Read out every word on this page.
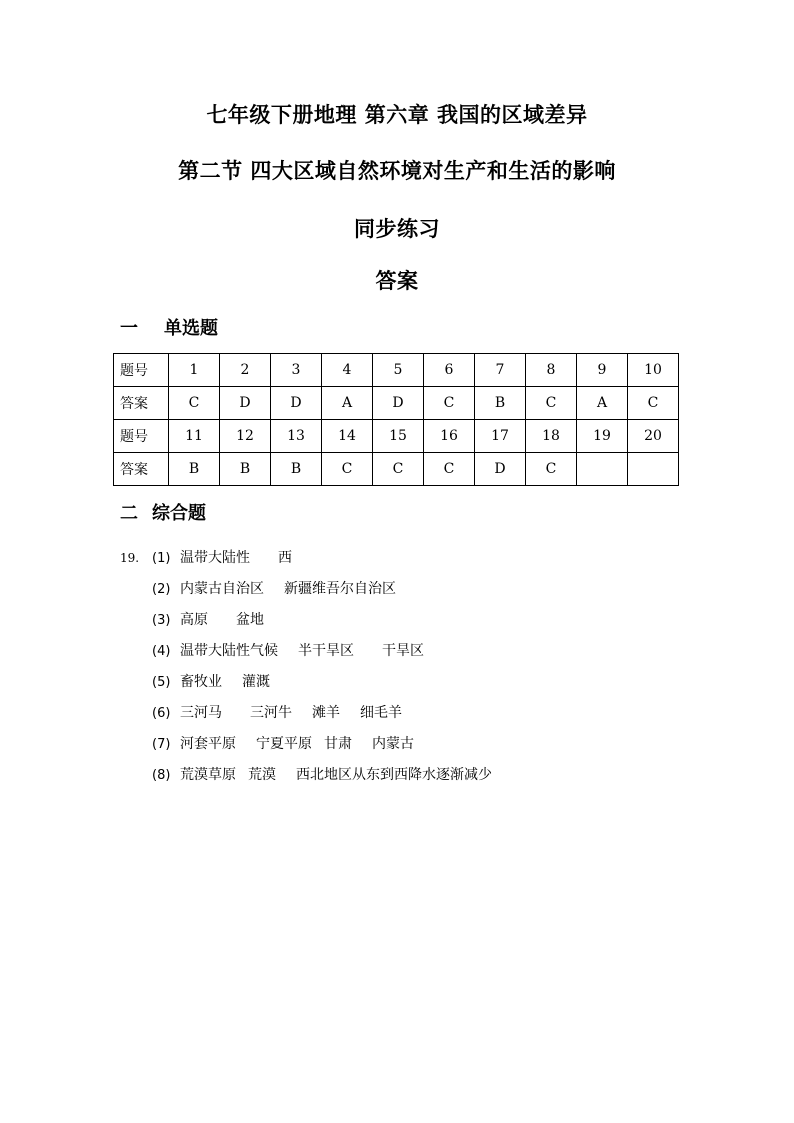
七年级下册地理 第六章 我国的区域差异
第二节 四大区域自然环境对生产和生活的影响
同步练习
答案
一 单选题
题号	1	2	3	4	5	6	7	8	9	10
答案	C	D	D	A	D	C	B	C	A	C
题号	11	12	13	14	15	16	17	18	19	20
答案	B	B	B	C	C	C	D	C		
二 综合题
19. (1) 温带大陆性 西
(2) 内蒙古自治区 新疆维吾尔自治区
(3) 高原 盆地
(4) 温带大陆性气候 半干旱区 干旱区
(5) 畜牧业 灌溉
(6) 三河马 三河牛 滩羊 细毛羊
(7) 河套平原 宁夏平原 甘肃 内蒙古
(8) 荒漠草原 荒漠 西北地区从东到西降水逐渐减少
